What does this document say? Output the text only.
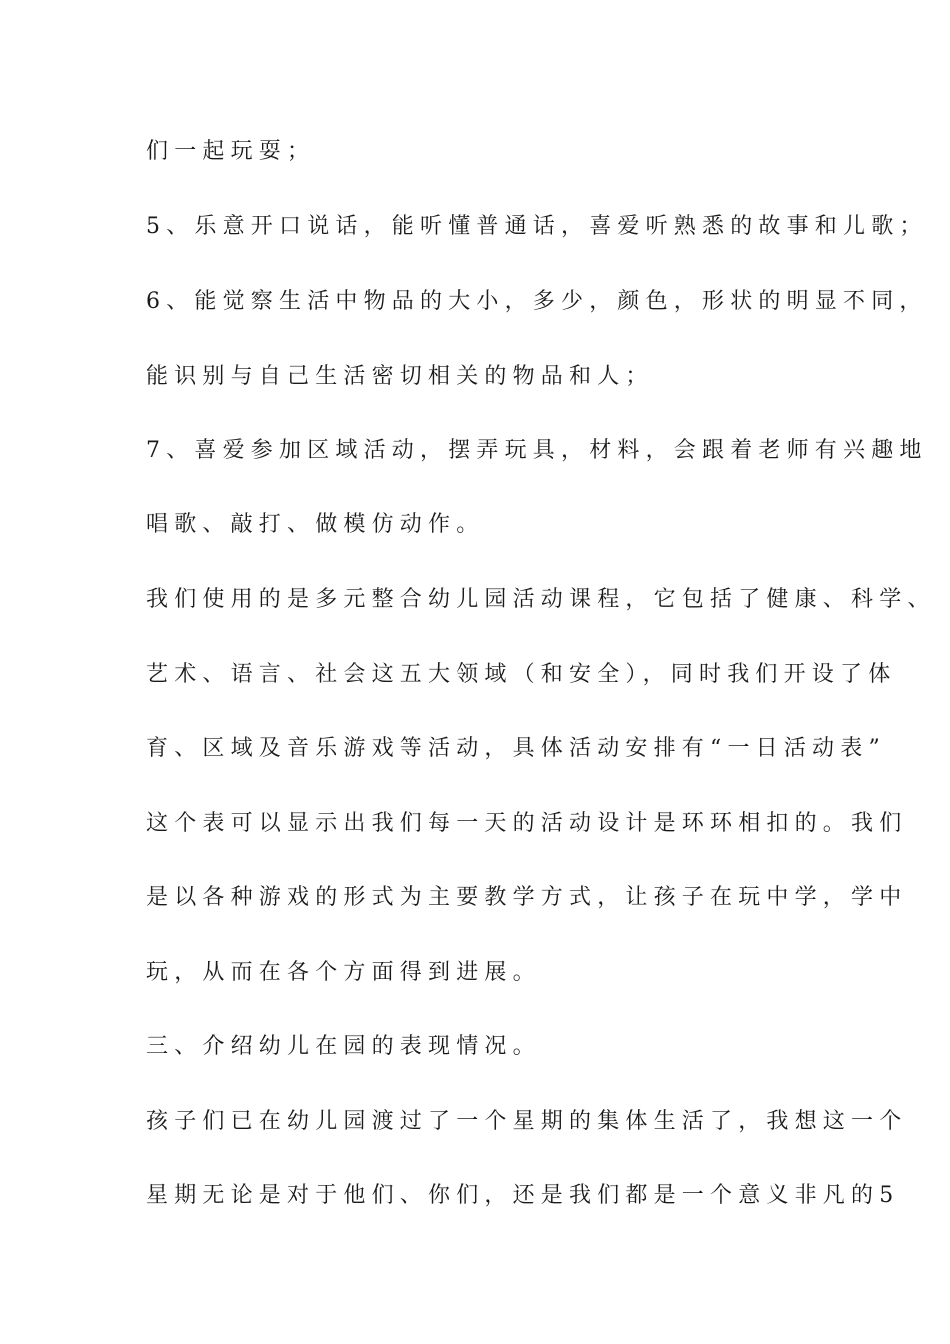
们一起玩耍；

5、乐意开口说话，能听懂普通话，喜爱听熟悉的故事和儿歌；

6、能觉察生活中物品的大小，多少，颜色，形状的明显不同，

能识别与自己生活密切相关的物品和人；

7、喜爱参加区域活动，摆弄玩具，材料，会跟着老师有兴趣地

唱歌、敲打、做模仿动作。

我们使用的是多元整合幼儿园活动课程，它包括了健康、科学、

艺术、语言、社会这五大领域（和安全），同时我们开设了体

育、区域及音乐游戏等活动，具体活动安排有“一日活动表”

这个表可以显示出我们每一天的活动设计是环环相扣的。我们

是以各种游戏的形式为主要教学方式，让孩子在玩中学，学中

玩，从而在各个方面得到进展。

三、介绍幼儿在园的表现情况。

孩子们已在幼儿园渡过了一个星期的集体生活了，我想这一个

星期无论是对于他们、你们，还是我们都是一个意义非凡的5
